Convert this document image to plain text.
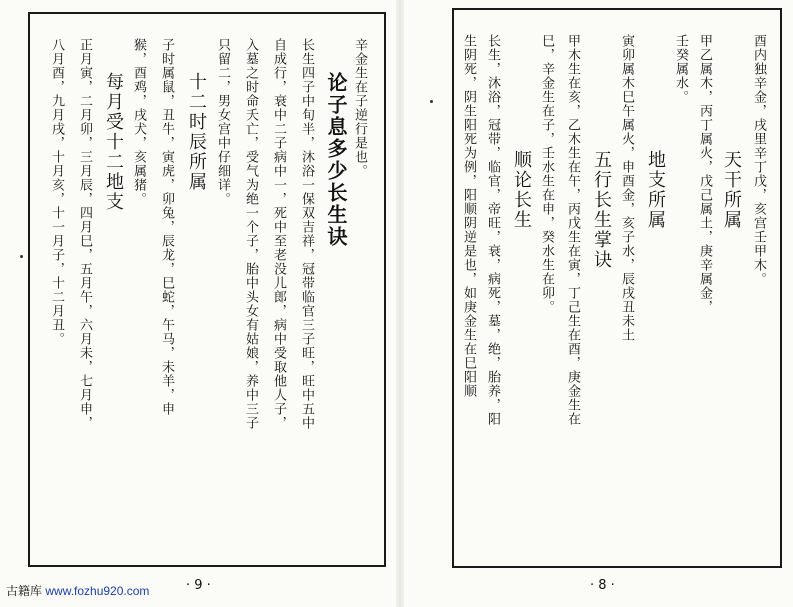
辛金生在子逆行是也。
论子息多少长生诀
长生四子中旬半，沐浴一保双吉祥，冠带临官三子旺，旺中五中
自成行，衰中二子病中一，死中至老没儿郎，病中受取他人子，
入墓之时命夭亡，受气为绝一个子，胎中头女有姑娘，养中三子
只留二，男女宫中仔细详。
十二时辰所属
子时属鼠，丑牛，寅虎，卯兔，辰龙，巳蛇，午马，未羊，申
猴，酉鸡，戌犬，亥属猪。
每月受十二地支
正月寅，二月卯，三月辰，四月巳，五月午，六月未，七月申，
八月酉，九月戌，十月亥，十一月子，十二月丑。
· 9 ·
酉内独辛金，戌里辛丁戊，亥宫壬甲木。
天干所属
甲乙属木，丙丁属火，戊己属土，庚辛属金，
壬癸属水。
地支所属
寅卯属木巳午属火，申酉金，亥子水，辰戌丑未土
五行长生掌诀
甲木生在亥，乙木生在午，丙戊生在寅，丁己生在酉，庚金生在
巳，辛金生在子，壬水生在申，癸水生在卯。
顺论长生
长生，沐浴，冠带，临官，帝旺，衰，病死，墓，绝，胎养，阳
生阴死，阴生阳死为例，阳顺阴逆是也，如庚金生在巳阳顺
· 8 ·
古籍库 www.fozhu920.com
